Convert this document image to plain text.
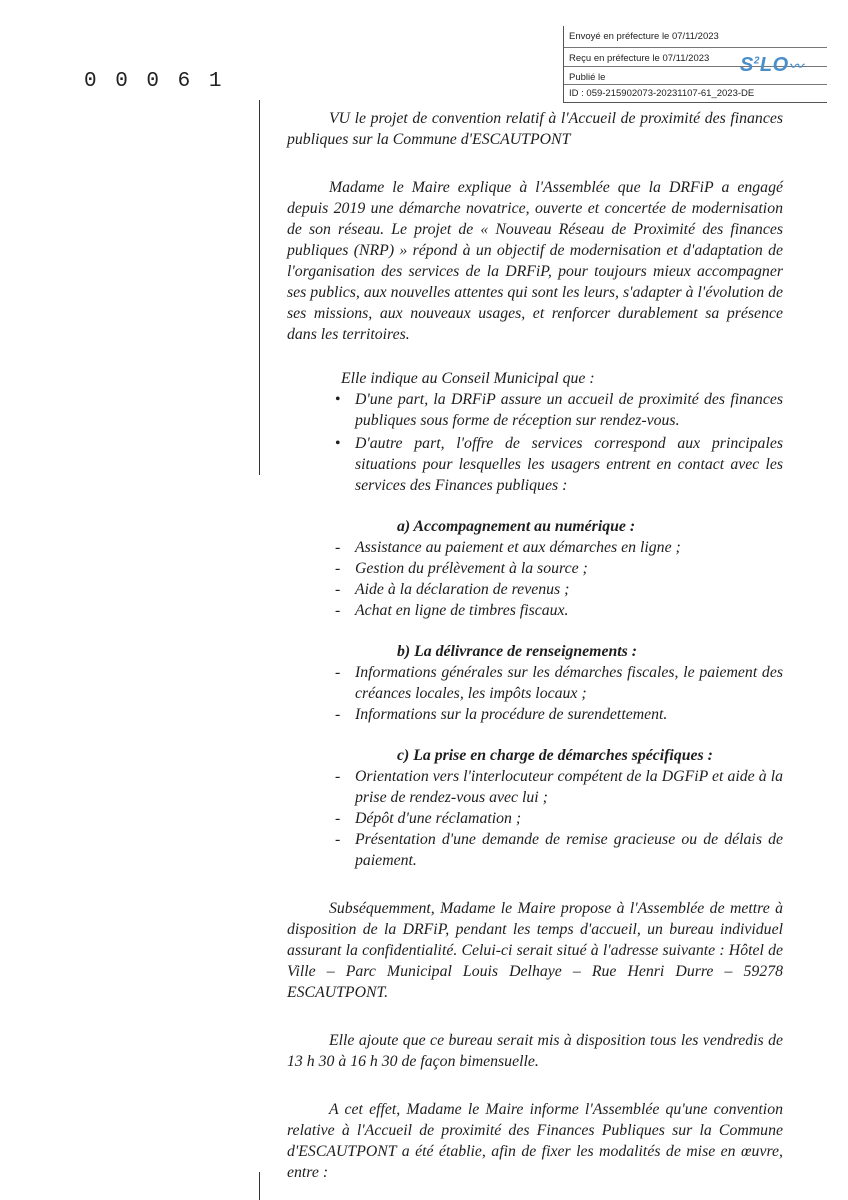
Envoyé en préfecture le 07/11/2023
Reçu en préfecture le 07/11/2023
Publié le
ID : 059-215902073-20231107-61_2023-DE
$S^2LO$〰
0 0 0 6 1

VU le projet de convention relatif à l'Accueil de proximité des finances publiques sur la Commune d'ESCAUTPONT

Madame le Maire explique à l'Assemblée que la DRFiP a engagé depuis 2019 une démarche novatrice, ouverte et concertée de modernisation de son réseau. Le projet de « Nouveau Réseau de Proximité des finances publiques (NRP) » répond à un objectif de modernisation et d'adaptation de l'organisation des services de la DRFiP, pour toujours mieux accompagner ses publics, aux nouvelles attentes qui sont les leurs, s'adapter à l'évolution de ses missions, aux nouveaux usages, et renforcer durablement sa présence dans les territoires.

Elle indique au Conseil Municipal que :

• D'une part, la DRFiP assure un accueil de proximité des finances publiques sous forme de réception sur rendez-vous.
• D'autre part, l'offre de services correspond aux principales situations pour lesquelles les usagers entrent en contact avec les services des Finances publiques :

a) Accompagnement au numérique :

- Assistance au paiement et aux démarches en ligne ;
- Gestion du prélèvement à la source ;
- Aide à la déclaration de revenus ;
- Achat en ligne de timbres fiscaux.

b) La délivrance de renseignements :

- Informations générales sur les démarches fiscales, le paiement des créances locales, les impôts locaux ;
- Informations sur la procédure de surendettement.

c) La prise en charge de démarches spécifiques :

- Orientation vers l'interlocuteur compétent de la DGFiP et aide à la prise de rendez-vous avec lui ;
- Dépôt d'une réclamation ;
- Présentation d'une demande de remise gracieuse ou de délais de paiement.

Subséquemment, Madame le Maire propose à l'Assemblée de mettre à disposition de la DRFiP, pendant les temps d'accueil, un bureau individuel assurant la confidentialité. Celui-ci serait situé à l'adresse suivante : Hôtel de Ville – Parc Municipal Louis Delhaye – Rue Henri Durre – 59278 ESCAUTPONT.

Elle ajoute que ce bureau serait mis à disposition tous les vendredis de 13 h 30 à 16 h 30 de façon bimensuelle.

A cet effet, Madame le Maire informe l'Assemblée qu'une convention relative à l'Accueil de proximité des Finances Publiques sur la Commune d'ESCAUTPONT a été établie, afin de fixer les modalités de mise en œuvre, entre :
